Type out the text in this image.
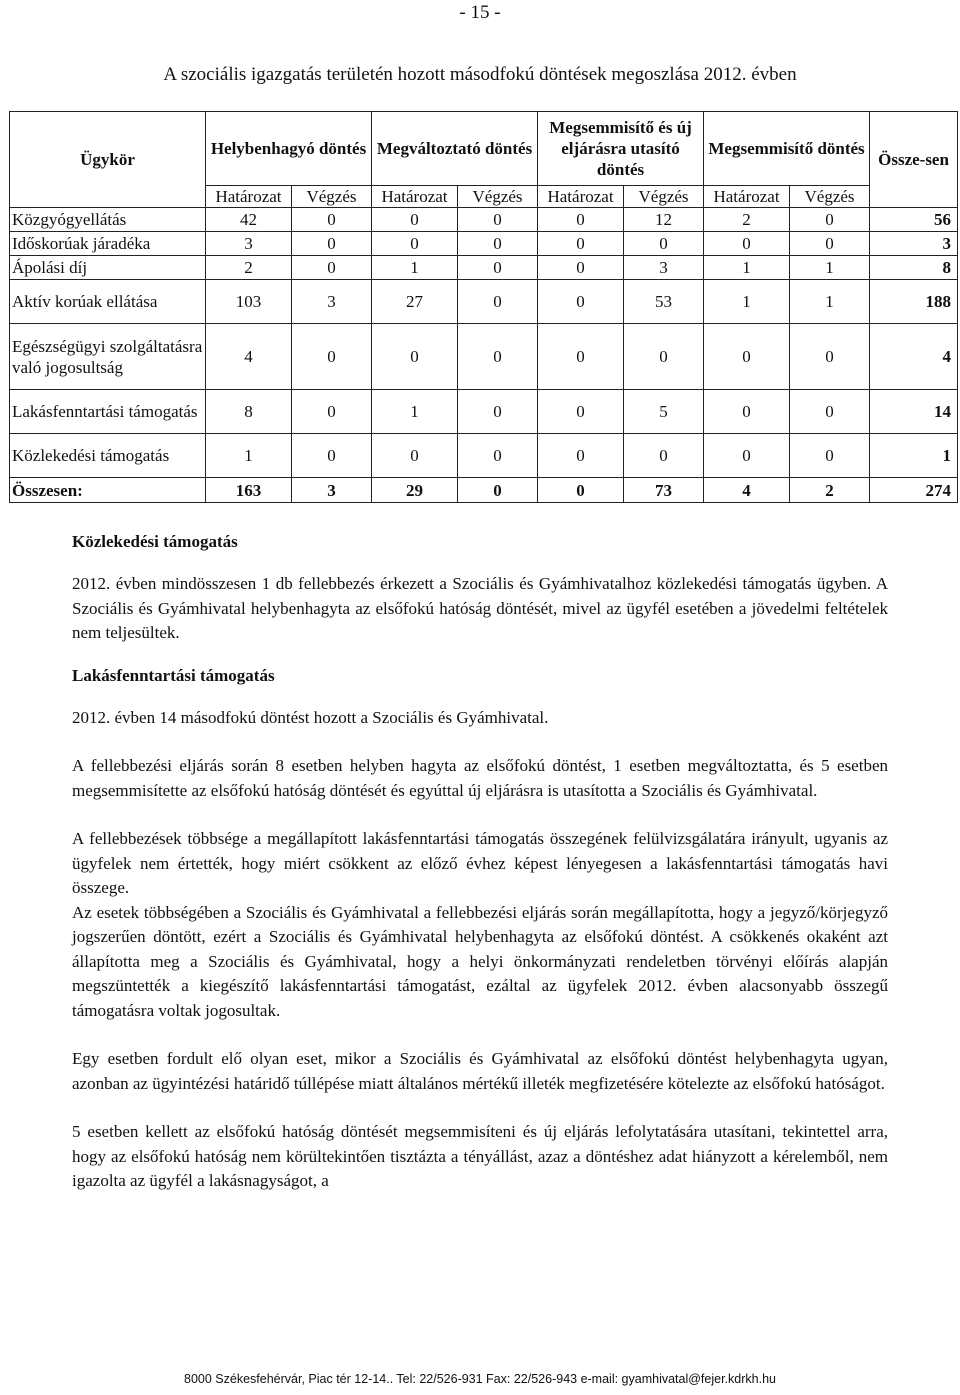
- 15 -
A szociális igazgatás területén hozott másodfokú döntések megoszlása 2012. évben
Ügykör	Helybenhagyó döntés		Megváltoztató döntés		Megsemmisítő és új eljárásra utasító döntés		Megsemmisítő döntés		Össze-sen
	Határozat	Végzés	Határozat	Végzés	Határozat	Végzés	Határozat	Végzés	
Közgyógyellátás	42	0	0	0	0	12	2	0	56
Időskorúak járadéka	3	0	0	0	0	0	0	0	3
Ápolási díj	2	0	1	0	0	3	1	1	8
Aktív korúak ellátása	103	3	27	0	0	53	1	1	188
Egészségügyi szolgáltatásra való jogosultság	4	0	0	0	0	0	0	0	4
Lakásfenntartási támogatás	8	0	1	0	0	5	0	0	14
Közlekedési támogatás	1	0	0	0	0	0	0	0	1
Összesen:	163	3	29	0	0	73	4	2	274
Közlekedési támogatás

2012. évben mindösszesen 1 db fellebbezés érkezett a Szociális és Gyámhivatalhoz közlekedési támogatás ügyben. A Szociális és Gyámhivatal helybenhagyta az elsőfokú hatóság döntését, mivel az ügyfél esetében a jövedelmi feltételek nem teljesültek.

Lakásfenntartási támogatás

2012. évben 14 másodfokú döntést hozott a Szociális és Gyámhivatal.

A fellebbezési eljárás során 8 esetben helyben hagyta az elsőfokú döntést, 1 esetben megváltoztatta, és 5 esetben megsemmisítette az elsőfokú hatóság döntését és egyúttal új eljárásra is utasította a Szociális és Gyámhivatal.

A fellebbezések többsége a megállapított lakásfenntartási támogatás összegének felülvizsgálatára irányult, ugyanis az ügyfelek nem értették, hogy miért csökkent az előző évhez képest lényegesen a lakásfenntartási támogatás havi összege.

Az esetek többségében a Szociális és Gyámhivatal a fellebbezési eljárás során megállapította, hogy a jegyző/körjegyző jogszerűen döntött, ezért a Szociális és Gyámhivatal helybenhagyta az elsőfokú döntést. A csökkenés okaként azt állapította meg a Szociális és Gyámhivatal, hogy a helyi önkormányzati rendeletben törvényi előírás alapján megszüntették a kiegészítő lakásfenntartási támogatást, ezáltal az ügyfelek 2012. évben alacsonyabb összegű támogatásra voltak jogosultak.

Egy esetben fordult elő olyan eset, mikor a Szociális és Gyámhivatal az elsőfokú döntést helybenhagyta ugyan, azonban az ügyintézési határidő túllépése miatt általános mértékű illeték megfizetésére kötelezte az elsőfokú hatóságot.

5 esetben kellett az elsőfokú hatóság döntését megsemmisíteni és új eljárás lefolytatására utasítani, tekintettel arra, hogy az elsőfokú hatóság nem körültekintően tisztázta a tényállást, azaz a döntéshez adat hiányzott a kérelemből, nem igazolta az ügyfél a lakásnagyságot, a

8000 Székesfehérvár, Piac tér 12-14.. Tel: 22/526-931 Fax: 22/526-943 e-mail: gyamhivatal@fejer.kdrkh.hu
